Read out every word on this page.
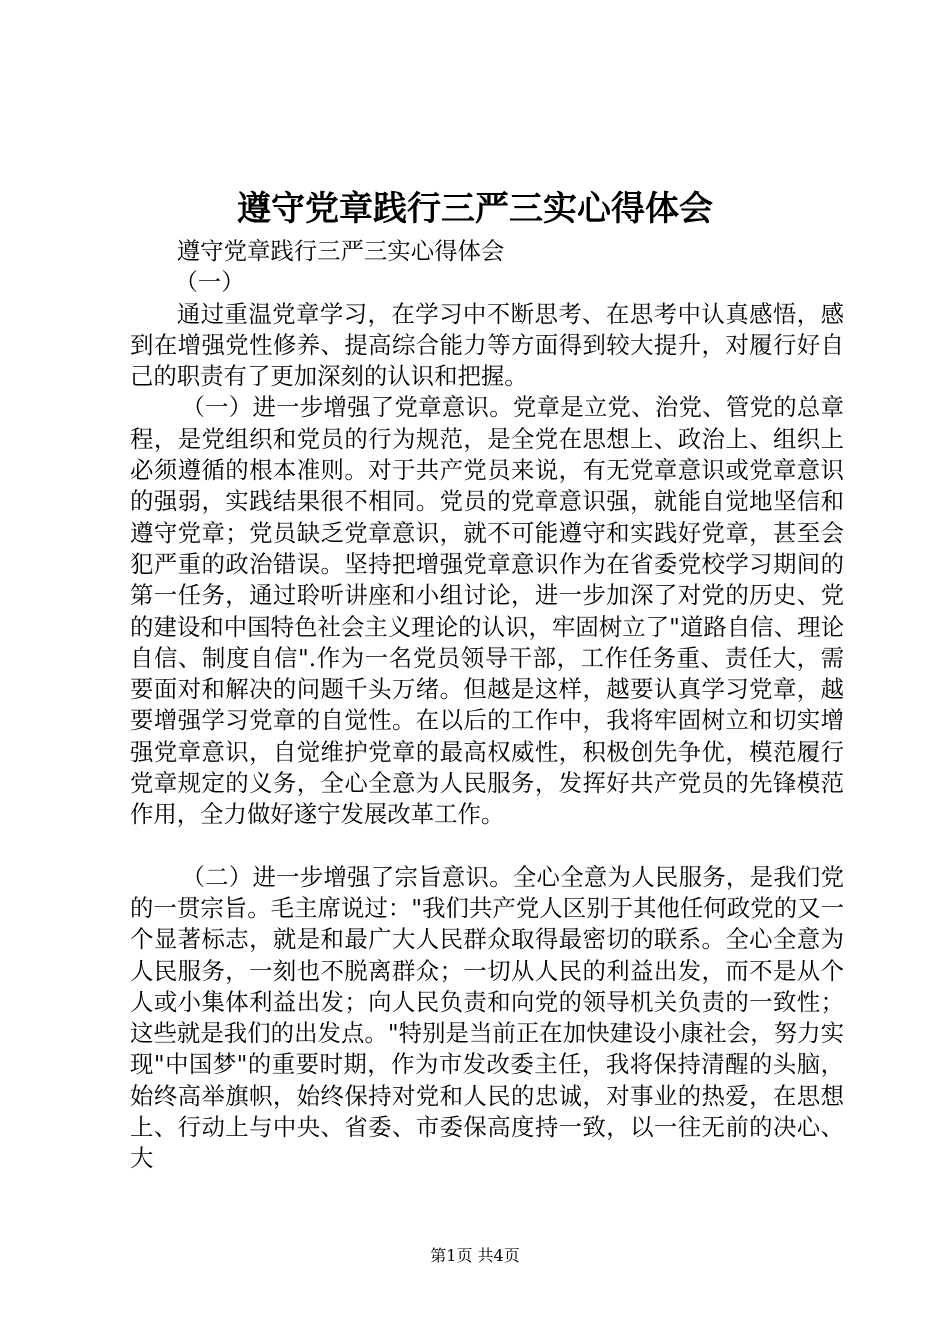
遵守党章践行三严三实心得体会

遵守党章践行三严三实心得体会

（一）

通过重温党章学习，在学习中不断思考、在思考中认真感悟，感到在增强党性修养、提高综合能力等方面得到较大提升，对履行好自己的职责有了更加深刻的认识和把握。

（一）进一步增强了党章意识。党章是立党、治党、管党的总章程，是党组织和党员的行为规范，是全党在思想上、政治上、组织上必须遵循的根本准则。对于共产党员来说，有无党章意识或党章意识的强弱，实践结果很不相同。党员的党章意识强，就能自觉地坚信和遵守党章；党员缺乏党章意识，就不可能遵守和实践好党章，甚至会犯严重的政治错误。坚持把增强党章意识作为在省委党校学习期间的第一任务，通过聆听讲座和小组讨论，进一步加深了对党的历史、党的建设和中国特色社会主义理论的认识，牢固树立了"道路自信、理论自信、制度自信".作为一名党员领导干部，工作任务重、责任大，需要面对和解决的问题千头万绪。但越是这样，越要认真学习党章，越要增强学习党章的自觉性。在以后的工作中，我将牢固树立和切实增强党章意识，自觉维护党章的最高权威性，积极创先争优，模范履行党章规定的义务，全心全意为人民服务，发挥好共产党员的先锋模范作用，全力做好遂宁发展改革工作。

（二）进一步增强了宗旨意识。全心全意为人民服务，是我们党的一贯宗旨。毛主席说过："我们共产党人区别于其他任何政党的又一个显著标志，就是和最广大人民群众取得最密切的联系。全心全意为人民服务，一刻也不脱离群众；一切从人民的利益出发，而不是从个人或小集体利益出发；向人民负责和向党的领导机关负责的一致性；这些就是我们的出发点。"特别是当前正在加快建设小康社会，努力实现"中国梦"的重要时期，作为市发改委主任，我将保持清醒的头脑，始终高举旗帜，始终保持对党和人民的忠诚，对事业的热爱，在思想上、行动上与中央、省委、市委保高度持一致，以一往无前的决心、大

第1页 共4页
